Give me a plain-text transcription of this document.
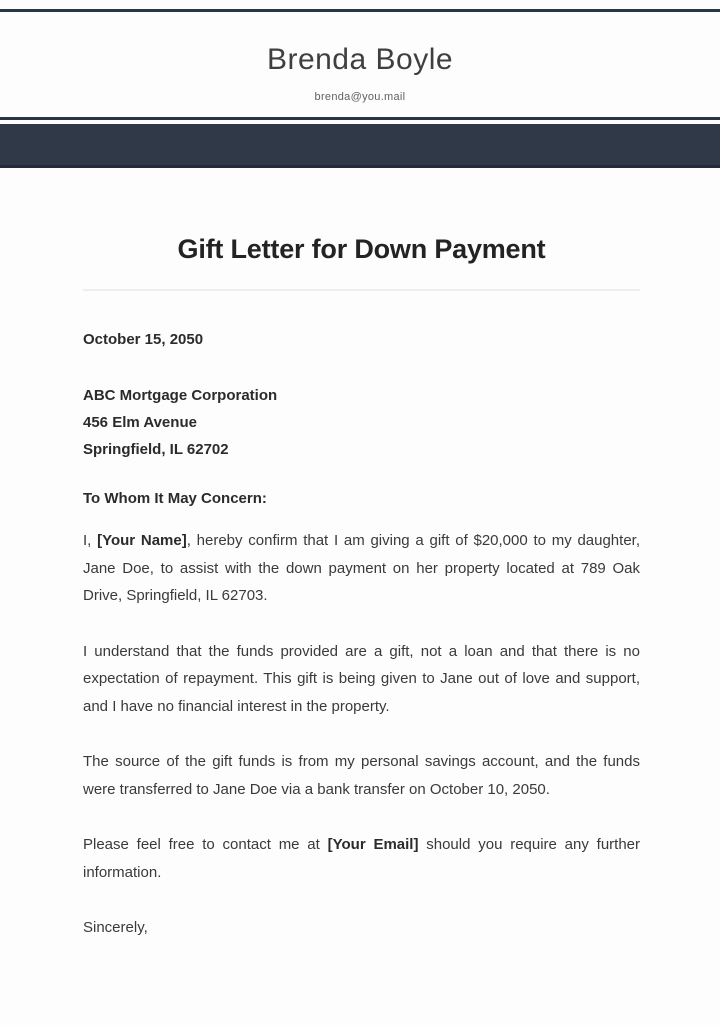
Brenda Boyle
brenda@you.mail
Gift Letter for Down Payment
October 15, 2050
ABC Mortgage Corporation
456 Elm Avenue
Springfield, IL 62702
To Whom It May Concern:

I, [Your Name], hereby confirm that I am giving a gift of $20,000 to my daughter, Jane Doe, to assist with the down payment on her property located at 789 Oak Drive, Springfield, IL 62703.

I understand that the funds provided are a gift, not a loan and that there is no expectation of repayment. This gift is being given to Jane out of love and support, and I have no financial interest in the property.

The source of the gift funds is from my personal savings account, and the funds were transferred to Jane Doe via a bank transfer on October 10, 2050.

Please feel free to contact me at [Your Email] should you require any further information.

Sincerely,
